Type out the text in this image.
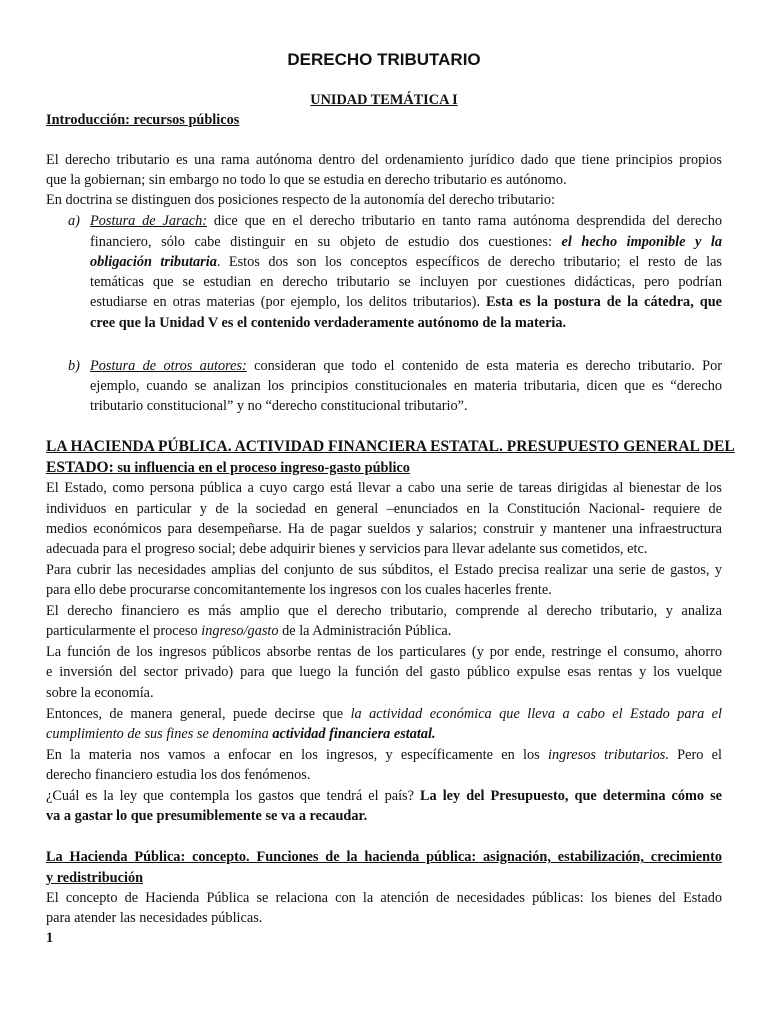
DERECHO TRIBUTARIO
UNIDAD TEMÁTICA I
Introducción: recursos públicos
El derecho tributario es una rama autónoma dentro del ordenamiento jurídico dado que tiene principios propios
que la gobiernan; sin embargo no todo lo que se estudia en derecho tributario es autónomo.
En doctrina se distinguen dos posiciones respecto de la autonomía del derecho tributario:
a) Postura de Jarach: dice que en el derecho tributario en tanto rama autónoma desprendida del derecho
financiero, sólo cabe distinguir en su objeto de estudio dos cuestiones: el hecho imponible y la
obligación tributaria. Estos dos son los conceptos específicos de derecho tributario; el resto de las
temáticas que se estudian en derecho tributario se incluyen por cuestiones didácticas, pero podrían
estudiarse en otras materias (por ejemplo, los delitos tributarios). Esta es la postura de la cátedra, que
cree que la Unidad V es el contenido verdaderamente autónomo de la materia.
b) Postura de otros autores: consideran que todo el contenido de esta materia es derecho tributario. Por
ejemplo, cuando se analizan los principios constitucionales en materia tributaria, dicen que es “derecho
tributario constitucional” y no “derecho constitucional tributario”.
LA HACIENDA PÚBLICA. ACTIVIDAD FINANCIERA ESTATAL. PRESUPUESTO GENERAL DEL
ESTADO: su influencia en el proceso ingreso-gasto público
El Estado, como persona pública a cuyo cargo está llevar a cabo una serie de tareas dirigidas al bienestar de los
individuos en particular y de la sociedad en general –enunciados en la Constitución Nacional- requiere de
medios económicos para desempeñarse. Ha de pagar sueldos y salarios; construir y mantener una infraestructura
adecuada para el progreso social; debe adquirir bienes y servicios para llevar adelante sus cometidos, etc.
Para cubrir las necesidades amplias del conjunto de sus súbditos, el Estado precisa realizar una serie de gastos, y
para ello debe procurarse concomitantemente los ingresos con los cuales hacerles frente.
El derecho financiero es más amplio que el derecho tributario, comprende al derecho tributario, y analiza
particularmente el proceso ingreso/gasto de la Administración Pública.
La función de los ingresos públicos absorbe rentas de los particulares (y por ende, restringe el consumo, ahorro
e inversión del sector privado) para que luego la función del gasto público expulse esas rentas y los vuelque
sobre la economía.
Entonces, de manera general, puede decirse que la actividad económica que lleva a cabo el Estado para el
cumplimiento de sus fines se denomina actividad financiera estatal.
En la materia nos vamos a enfocar en los ingresos, y específicamente en los ingresos tributarios. Pero el
derecho financiero estudia los dos fenómenos.
¿Cuál es la ley que contempla los gastos que tendrá el país? La ley del Presupuesto, que determina cómo se
va a gastar lo que presumiblemente se va a recaudar.
La Hacienda Pública: concepto. Funciones de la hacienda pública: asignación, estabilización, crecimiento
y redistribución
El concepto de Hacienda Pública se relaciona con la atención de necesidades públicas: los bienes del Estado
para atender las necesidades públicas.
1
